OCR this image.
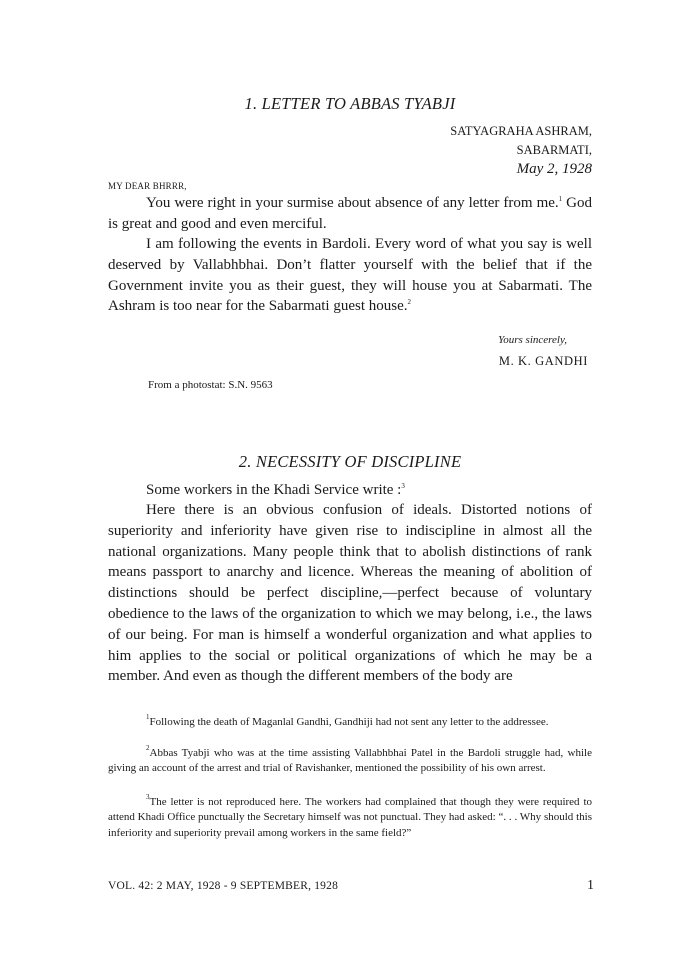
1. LETTER TO ABBAS TYABJI
SATYAGRAHA ASHRAM,
SABARMATI,
May 2, 1928
MY DEAR BHRRR,

You were right in your surmise about absence of any letter from me.$^1$ God is great and good and even merciful.

I am following the events in Bardoli. Every word of what you say is well deserved by Vallabhbhai. Don’t flatter yourself with the belief that if the Government invite you as their guest, they will house you at Sabarmati. The Ashram is too near for the Sabarmati guest house.$^2$

Yours sincerely,
M. K. GANDHI
From a photostat: S.N. 9563
2. NECESSITY OF DISCIPLINE

Some workers in the Khadi Service write :$^3$

Here there is an obvious confusion of ideals. Distorted notions of superiority and inferiority have given rise to indiscipline in almost all the national organizations. Many people think that to abolish distinctions of rank means passport to anarchy and licence. Whereas the meaning of abolition of distinctions should be perfect discipline,—perfect because of voluntary obedience to the laws of the organization to which we may belong, i.e., the laws of our being. For man is himself a wonderful organization and what applies to him applies to the social or political organizations of which he may be a member. And even as though the different members of the body are

$^1$Following the death of Maganlal Gandhi, Gandhiji had not sent any letter to the addressee.

$^2$Abbas Tyabji who was at the time assisting Vallabhbhai Patel in the Bardoli struggle had, while giving an account of the arrest and trial of Ravishanker, mentioned the possibility of his own arrest.

$^3$The letter is not reproduced here. The workers had complained that though they were required to attend Khadi Office punctually the Secretary himself was not punctual. They had asked: “. . . Why should this inferiority and superiority prevail among workers in the same field?”

VOL. 42: 2 MAY, 1928 - 9 SEPTEMBER, 1928	1
